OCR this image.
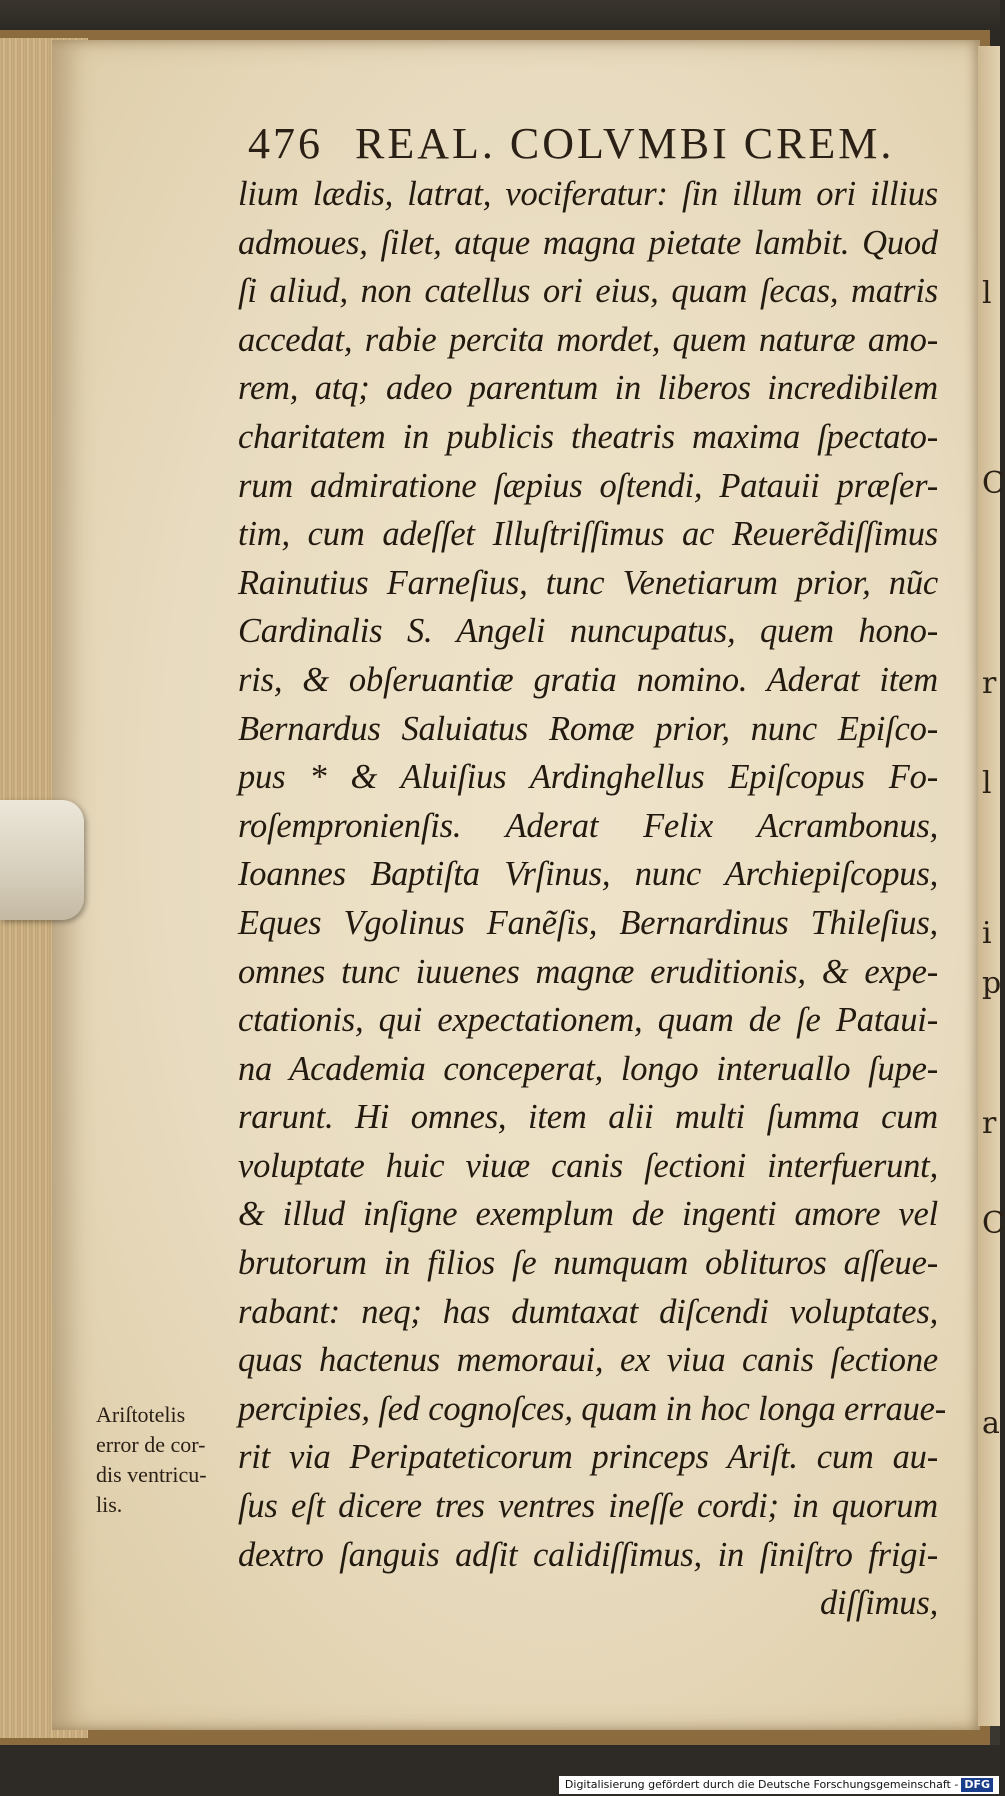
l
C
r
l
i
p
r
C
a
476 REAL. COLVMBI CREM.
lium lædis, latrat, vociferatur: ſin illum ori illius
admoues, ſilet, atque magna pietate lambit. Quod
ſi aliud, non catellus ori eius, quam ſecas, matris
accedat, rabie percita mordet, quem naturæ amo-
rem, atq; adeo parentum in liberos incredibilem
charitatem in publicis theatris maxima ſpectato-
rum admiratione ſæpius oſtendi, Patauii præſer-
tim, cum adeſſet Illuſtriſſimus ac Reuerẽdiſſimus
Rainutius Farneſius, tunc Venetiarum prior, nũc
Cardinalis S. Angeli nuncupatus, quem hono-
ris, & obſeruantiæ gratia nomino. Aderat item
Bernardus Saluiatus Romæ prior, nunc Epiſco-
pus * & Aluiſius Ardinghellus Epiſcopus Fo-
roſempronienſis. Aderat Felix Acrambonus,
Ioannes Baptiſta Vrſinus, nunc Archiepiſcopus,
Eques Vgolinus Fanẽſis, Bernardinus Thileſius,
omnes tunc iuuenes magnæ eruditionis, & expe-
ctationis, qui expectationem, quam de ſe Pataui-
na Academia conceperat, longo interuallo ſupe-
rarunt. Hi omnes, item alii multi ſumma cum
voluptate huic viuæ canis ſectioni interfuerunt,
& illud inſigne exemplum de ingenti amore vel
brutorum in filios ſe numquam oblituros aſſeue-
rabant: neq; has dumtaxat diſcendi voluptates,
quas hactenus memoraui, ex viua canis ſectione
percipies, ſed cognoſces, quam in hoc longa erraue-
rit via Peripateticorum princeps Ariſt. cum au-
ſus eſt dicere tres ventres ineſſe cordi; in quorum
dextro ſanguis adſit calidiſſimus, in ſiniſtro frigi-
diſſimus,
Ariſtotelis
error de cor-
dis ventricu-
lis.
Digitalisierung gefördert durch die Deutsche Forschungsgemeinschaft - DFG
